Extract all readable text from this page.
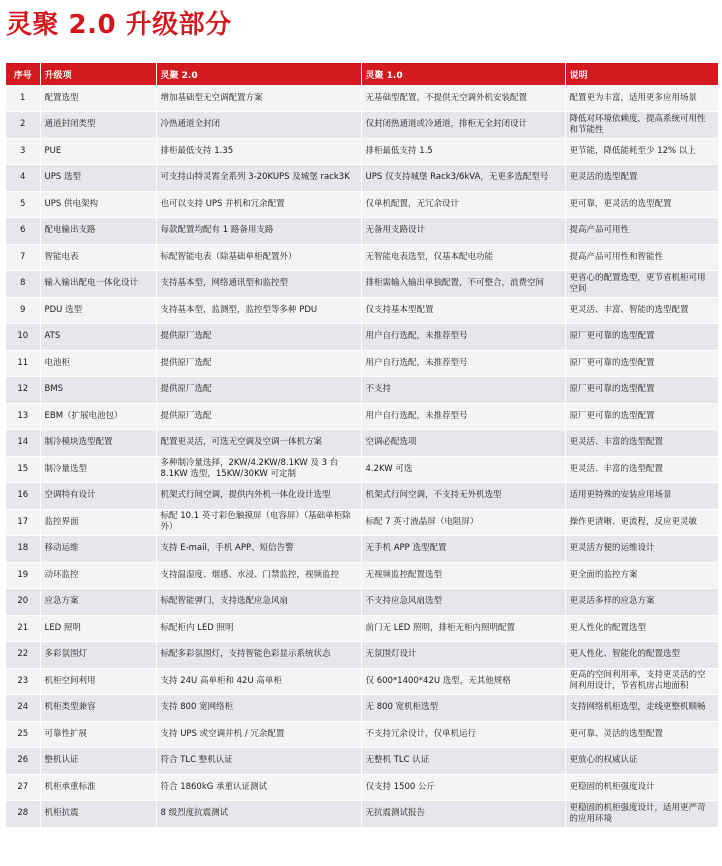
灵聚 2.0 升级部分
序号	升级项	灵聚 2.0	灵聚 1.0	说明
1	配置选型	增加基础型无空调配置方案	无基础型配置，不提供无空调外机安装配置	配置更为丰富，适用更多应用场景
2	通道封闭类型	冷热通道全封闭	仅封闭热通道或冷通道，排柜无全封闭设计	降低对环境依赖度，提高系统可用性和节能性
3	PUE	排柜最低支持 1.35	排柜最低支持 1.5	更节能，降低能耗至少 12% 以上
4	UPS 选型	可支持山特灵霄全系列 3-20KUPS 及城堡 rack3K	UPS 仅支持城堡 Rack3/6kVA，无更多选配型号	更灵活的选型配置
5	UPS 供电架构	也可以支持 UPS 并机和冗余配置	仅单机配置，无冗余设计	更可靠，更灵活的选型配置
6	配电输出支路	每款配置均配有 1 路备用支路	无备用支路设计	提高产品可用性
7	智能电表	标配智能电表（除基础单柜配置外）	无智能电表选型，仅基本配电功能	提高产品可用性和智能性
8	输入输出配电一体化设计	支持基本型，网络通讯型和监控型	排柜需输入输出单独配置，不可整合，浪费空间	更省心的配置选型，更节省机柜可用空间
9	PDU 选型	支持基本型，监测型，监控型等多种 PDU	仅支持基本型配置	更灵活、丰富、智能的选型配置
10	ATS	提供原厂选配	用户自行选配，未推荐型号	原厂更可靠的选型配置
11	电池柜	提供原厂选配	用户自行选配，未推荐型号	原厂更可靠的选型配置
12	BMS	提供原厂选配	不支持	原厂更可靠的选型配置
13	EBM（扩展电池包）	提供原厂选配	用户自行选配，未推荐型号	原厂更可靠的选型配置
14	制冷模块选型配置	配置更灵活，可选无空调及空调一体机方案	空调必配选项	更灵活、丰富的选型配置
15	制冷量选型	多种制冷量选择，2KW/4.2KW/8.1KW 及 3 台 8.1KW 选型，15KW/30KW 可定制	4.2KW 可选	更灵活、丰富的选型配置
16	空调特有设计	机架式行间空调，提供内外机一体化设计选型	机架式行间空调，不支持无外机选型	适用更特殊的安装应用场景
17	监控界面	标配 10.1 英寸彩色触摸屏（电容屏）（基础单柜除外）	标配 7 英寸液晶屏（电阻屏）	操作更清晰、更流程，反应更灵敏
18	移动运维	支持 E-mail，手机 APP、短信告警	无手机 APP 选型配置	更灵活方便的运维设计
19	动环监控	支持温湿度、烟感、水浸、门禁监控，视频监控	无视频监控配置选型	更全面的监控方案
20	应急方案	标配智能弹门，支持选配应急风扇	不支持应急风扇选型	更灵活多样的应急方案
21	LED 照明	标配柜内 LED 照明	前门无 LED 照明，排柜无柜内照明配置	更人性化的配置选型
22	多彩氛围灯	标配多彩氛围灯，支持智能色彩显示系统状态	无氛围灯设计	更人性化、智能化的配置选型
23	机柜空间利用	支持 24U 高单柜和 42U 高单柜	仅 600*1400*42U 选型，无其他规格	更高的空间利用率，支持更灵活的空间利用设计，节省机房占地面积
24	机柜类型兼容	支持 800 宽网络柜	无 800 宽机柜选型	支持网络机柜选型，走线更整机顺畅
25	可靠性扩展	支持 UPS 或空调并机 / 冗余配置	不支持冗余设计，仅单机运行	更可靠、灵活的选型配置
26	整机认证	符合 TLC 整机认证	无整机 TLC 认证	更放心的权威认证
27	机柜承重标准	符合 1860kG 承重认证测试	仅支持 1500 公斤	更稳固的机柜强度设计
28	机柜抗震	8 级烈度抗震测试	无抗震测试报告	更稳固的机柜强度设计，适用更严苛的应用环境
